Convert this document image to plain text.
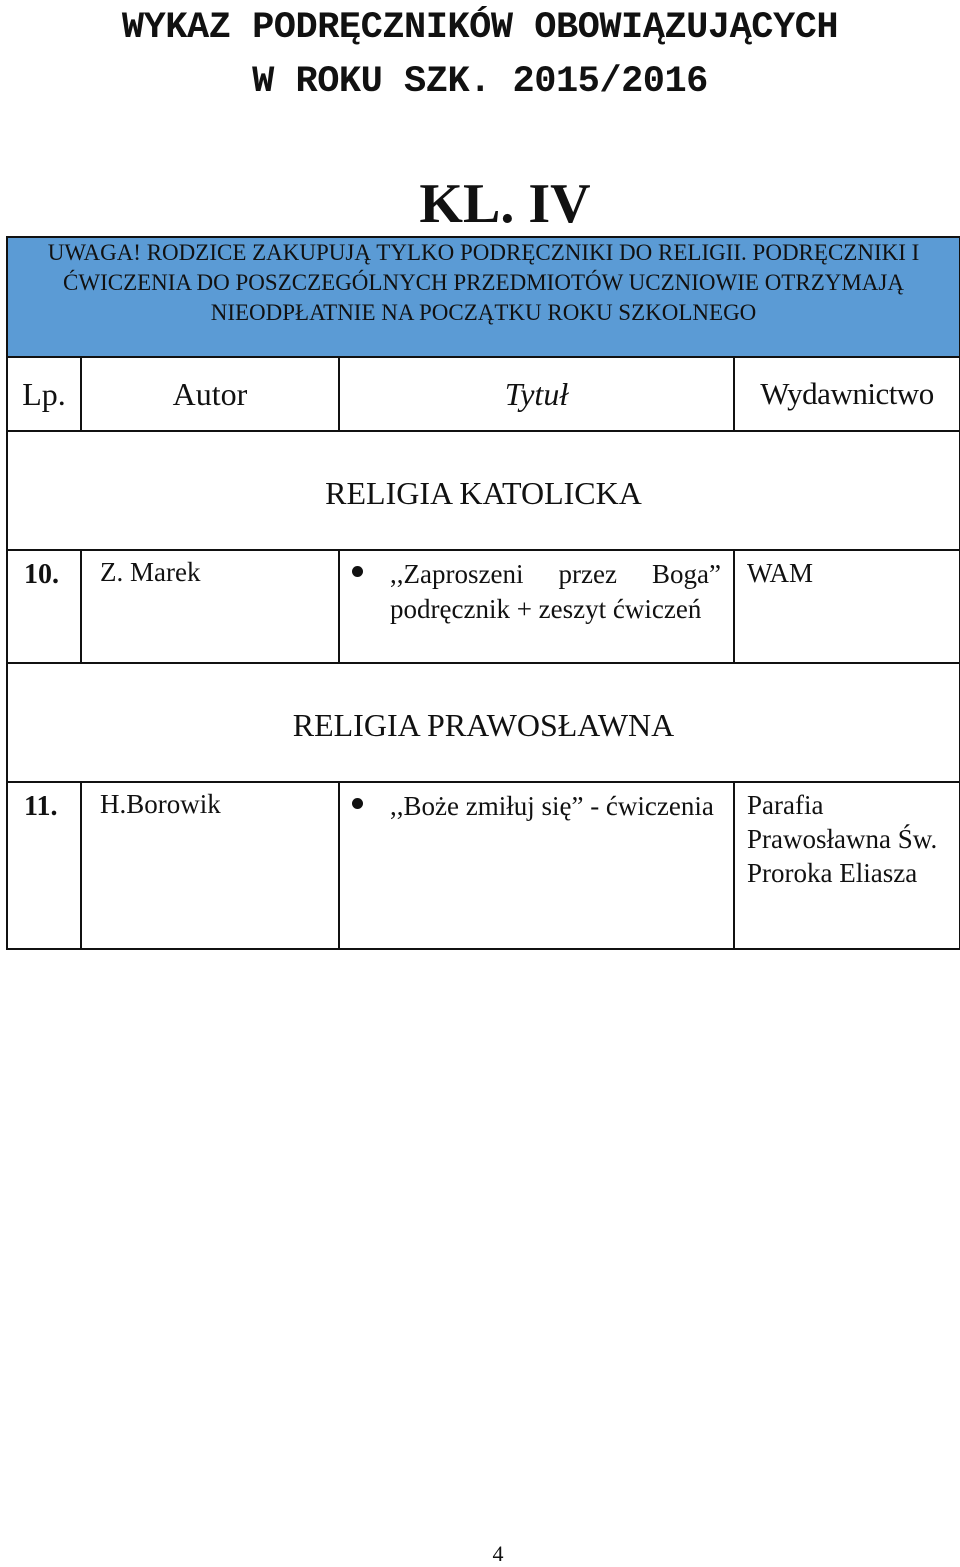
WYKAZ PODRĘCZNIKÓW OBOWIĄZUJĄCYCH
W ROKU SZK. 2015/2016
KL. IV
UWAGA! RODZICE ZAKUPUJĄ TYLKO PODRĘCZNIKI DO RELIGII. PODRĘCZNIKI I ĆWICZENIA DO POSZCZEGÓLNYCH PRZEDMIOTÓW UCZNIOWIE OTRZYMAJĄ NIEODPŁATNIE NA POCZĄTKU ROKU SZKOLNEGO			
Lp.	Autor	Tytuł	Wydawnictwo
RELIGIA KATOLICKA			
10.	Z. Marek	,,Zaproszeni przez Boga” podręcznik + zeszyt ćwiczeń	WAM
RELIGIA PRAWOSŁAWNA			
11.	H.Borowik	,,Boże zmiłuj się” - ćwiczenia	Parafia Prawosławna Św. Proroka Eliasza
4
